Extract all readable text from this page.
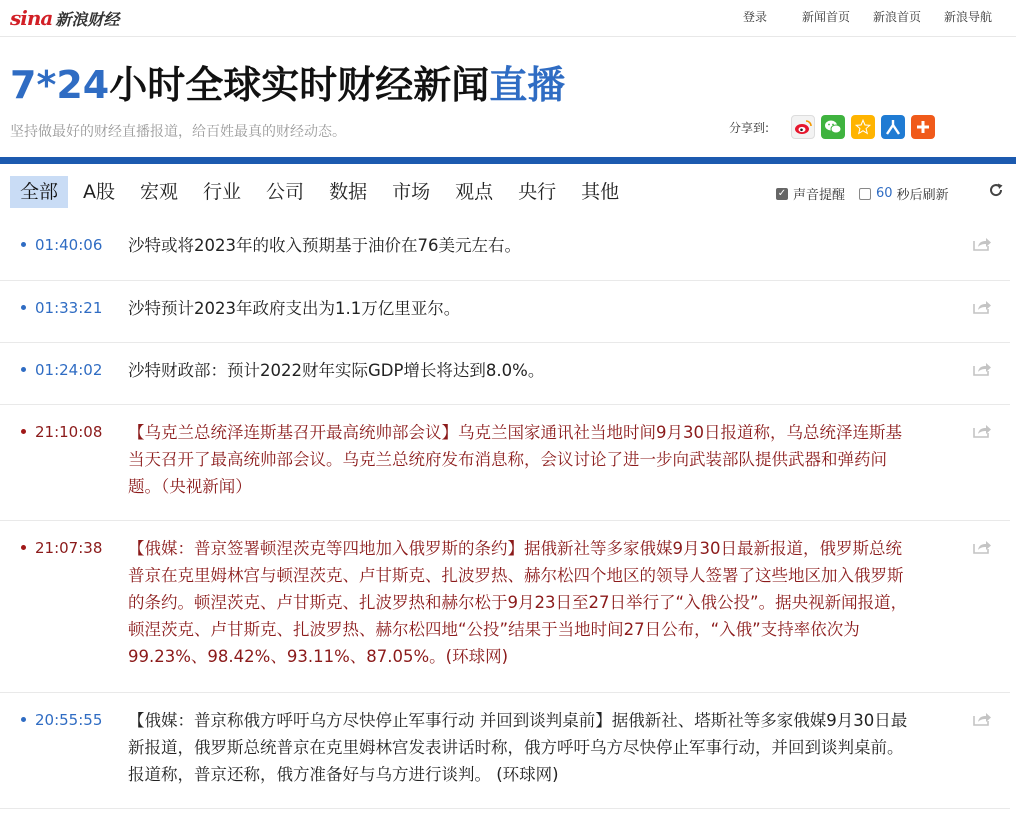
sina 新浪财经	登录	新闻首页 新浪首页 新浪导航
7*24小时全球实时财经新闻直播
坚持做最好的财经直播报道，给百姓最真的财经动态。	分享到:
全部	A股	宏观	行业	公司	数据	市场	观点	央行	其他	✓ 声音提醒 60 秒后刷新
01:40:06 沙特或将2023年的收入预期基于油价在76美元左右。
01:33:21 沙特预计2023年政府支出为1.1万亿里亚尔。
01:24:02 沙特财政部：预计2022财年实际GDP增长将达到8.0%。
21:10:08 【乌克兰总统泽连斯基召开最高统帅部会议】乌克兰国家通讯社当地时间9月30日报道称，乌总统泽连斯基当天召开了最高统帅部会议。乌克兰总统府发布消息称，会议讨论了进一步向武装部队提供武器和弹药问题。（央视新闻）
21:07:38 【俄媒：普京签署顿涅茨克等四地加入俄罗斯的条约】据俄新社等多家俄媒9月30日最新报道，俄罗斯总统普京在克里姆林宫与顿涅茨克、卢甘斯克、扎波罗热、赫尔松四个地区的领导人签署了这些地区加入俄罗斯的条约。顿涅茨克、卢甘斯克、扎波罗热和赫尔松于9月23日至27日举行了“入俄公投”。据央视新闻报道，顿涅茨克、卢甘斯克、扎波罗热、赫尔松四地“公投”结果于当地时间27日公布，“入俄”支持率依次为99.23%、98.42%、93.11%、87.05%。(环球网)
20:55:55 【俄媒：普京称俄方呼吁乌方尽快停止军事行动 并回到谈判桌前】据俄新社、塔斯社等多家俄媒9月30日最新报道，俄罗斯总统普京在克里姆林宫发表讲话时称，俄方呼吁乌方尽快停止军事行动，并回到谈判桌前。报道称，普京还称，俄方准备好与乌方进行谈判。 (环球网)
